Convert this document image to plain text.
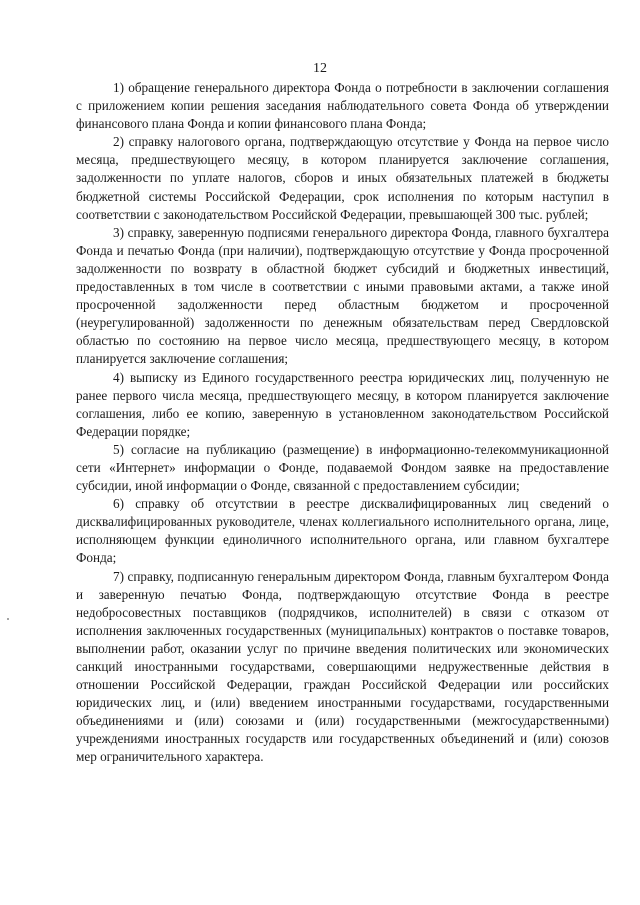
12

1) обращение генерального директора Фонда о потребности в заключении соглашения с приложением копии решения заседания наблюдательного совета Фонда об утверждении финансового плана Фонда и копии финансового плана Фонда;

2) справку налогового органа, подтверждающую отсутствие у Фонда на первое число месяца, предшествующего месяцу, в котором планируется заключение соглашения, задолженности по уплате налогов, сборов и иных обязательных платежей в бюджеты бюджетной системы Российской Федерации, срок исполнения по которым наступил в соответствии с законодательством Российской Федерации, превышающей 300 тыс. рублей;

3) справку, заверенную подписями генерального директора Фонда, главного бухгалтера Фонда и печатью Фонда (при наличии), подтверждающую отсутствие у Фонда просроченной задолженности по возврату в областной бюджет субсидий и бюджетных инвестиций, предоставленных в том числе в соответствии с иными правовыми актами, а также иной просроченной задолженности перед областным бюджетом и просроченной (неурегулированной) задолженности по денежным обязательствам перед Свердловской областью по состоянию на первое число месяца, предшествующего месяцу, в котором планируется заключение соглашения;

4) выписку из Единого государственного реестра юридических лиц, полученную не ранее первого числа месяца, предшествующего месяцу, в котором планируется заключение соглашения, либо ее копию, заверенную в установленном законодательством Российской Федерации порядке;

5) согласие на публикацию (размещение) в информационно-телекоммуникационной сети «Интернет» информации о Фонде, подаваемой Фондом заявке на предоставление субсидии, иной информации о Фонде, связанной с предоставлением субсидии;

6) справку об отсутствии в реестре дисквалифицированных лиц сведений о дисквалифицированных руководителе, членах коллегиального исполнительного органа, лице, исполняющем функции единоличного исполнительного органа, или главном бухгалтере Фонда;

7) справку, подписанную генеральным директором Фонда, главным бухгалтером Фонда и заверенную печатью Фонда, подтверждающую отсутствие Фонда в реестре недобросовестных поставщиков (подрядчиков, исполнителей) в связи с отказом от исполнения заключенных государственных (муниципальных) контрактов о поставке товаров, выполнении работ, оказании услуг по причине введения политических или экономических санкций иностранными государствами, совершающими недружественные действия в отношении Российской Федерации, граждан Российской Федерации или российских юридических лиц, и (или) введением иностранными государствами, государственными объединениями и (или) союзами и (или) государственными (межгосударственными) учреждениями иностранных государств или государственных объединений и (или) союзов мер ограничительного характера.
